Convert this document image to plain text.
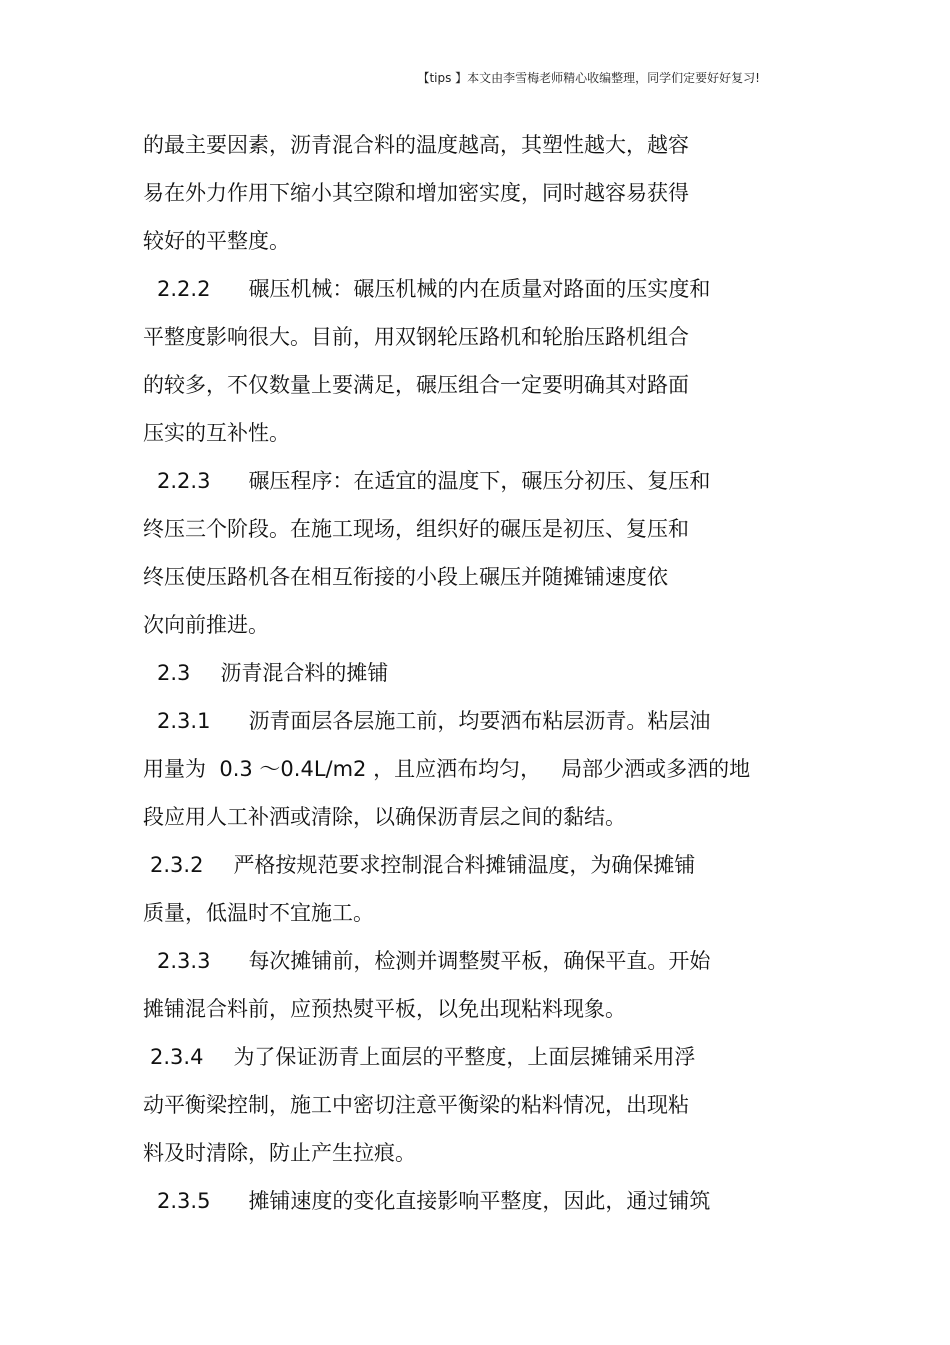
【tips 】本文由李雪梅老师精心收编整理，同学们定要好好复习!
的最主要因素，沥青混合料的温度越高，其塑性越大，越容
易在外力作用下缩小其空隙和增加密实度，同时越容易获得
较好的平整度。
2.2.2 碾压机械：碾压机械的内在质量对路面的压实度和
平整度影响很大。目前，用双钢轮压路机和轮胎压路机组合
的较多，不仅数量上要满足，碾压组合一定要明确其对路面
压实的互补性。
2.2.3 碾压程序：在适宜的温度下，碾压分初压、复压和
终压三个阶段。在施工现场，组织好的碾压是初压、复压和
终压使压路机各在相互衔接的小段上碾压并随摊铺速度依
次向前推进。
2.3 沥青混合料的摊铺
2.3.1 沥青面层各层施工前，均要洒布粘层沥青。粘层油
用量为  0.3 ～0.4L/m2 ，且应洒布均匀，   局部少洒或多洒的地
段应用人工补洒或清除，以确保沥青层之间的黏结。
2.3.2 严格按规范要求控制混合料摊铺温度，为确保摊铺
质量，低温时不宜施工。
2.3.3 每次摊铺前，检测并调整熨平板，确保平直。开始
摊铺混合料前，应预热熨平板，以免出现粘料现象。
2.3.4 为了保证沥青上面层的平整度，上面层摊铺采用浮
动平衡梁控制，施工中密切注意平衡梁的粘料情况，出现粘
料及时清除，防止产生拉痕。
2.3.5 摊铺速度的变化直接影响平整度，因此，通过铺筑
